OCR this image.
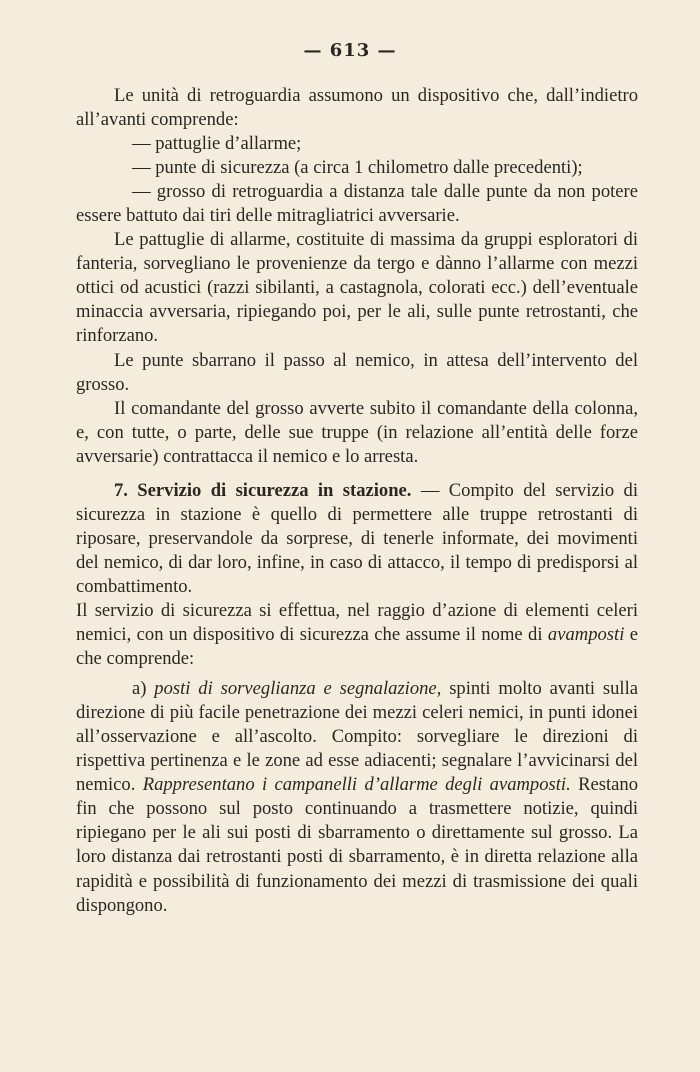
— 613 —

Le unità di retroguardia assumono un dispositivo che, dall’indietro all’avanti comprende:

— pattuglie d’allarme;

— punte di sicurezza (a circa 1 chilometro dalle precedenti);

— grosso di retroguardia a distanza tale dalle punte da non potere essere battuto dai tiri delle mitragliatrici avversarie.

Le pattuglie di allarme, costituite di massima da gruppi esploratori di fanteria, sorvegliano le provenienze da tergo e dànno l’allarme con mezzi ottici od acustici (razzi sibilanti, a castagnola, colorati ecc.) dell’eventuale minaccia avversaria, ripiegando poi, per le ali, sulle punte retrostanti, che rinforzano.

Le punte sbarrano il passo al nemico, in attesa dell’intervento del grosso.

Il comandante del grosso avverte subito il comandante della colonna, e, con tutte, o parte, delle sue truppe (in relazione all’entità delle forze avversarie) contrattacca il nemico e lo arresta.

7. Servizio di sicurezza in stazione. — Compito del servizio di sicurezza in stazione è quello di permettere alle truppe retrostanti di riposare, preservandole da sorprese, di tenerle informate, dei movimenti del nemico, di dar loro, infine, in caso di attacco, il tempo di predisporsi al combattimento.

Il servizio di sicurezza si effettua, nel raggio d’azione di elementi celeri nemici, con un dispositivo di sicurezza che assume il nome di avamposti e che comprende:

a) posti di sorveglianza e segnalazione, spinti molto avanti sulla direzione di più facile penetrazione dei mezzi celeri nemici, in punti idonei all’osservazione e all’ascolto. Compito: sorvegliare le direzioni di rispettiva pertinenza e le zone ad esse adiacenti; segnalare l’avvicinarsi del nemico. Rappresentano i campanelli d’allarme degli avamposti. Restano fin che possono sul posto continuando a trasmettere notizie, quindi ripiegano per le ali sui posti di sbarramento o direttamente sul grosso. La loro distanza dai retrostanti posti di sbarramento, è in diretta relazione alla rapidità e possibilità di funzionamento dei mezzi di trasmissione dei quali dispongono.
